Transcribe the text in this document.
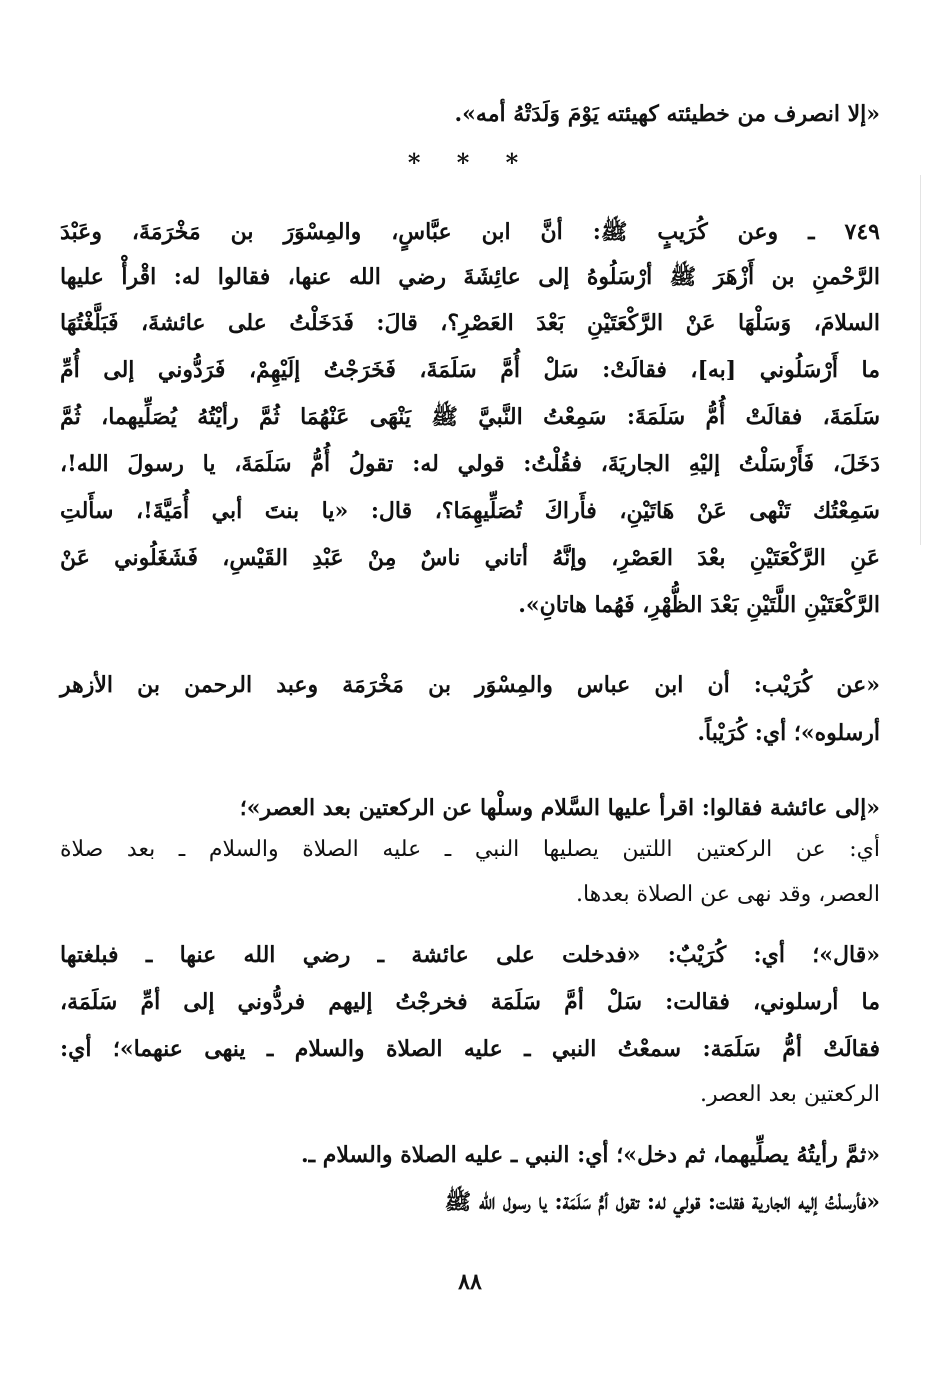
«إلا انصرف من خطيئته كهيئته يَوْمَ وَلَدَتْهُ أمه».
* * *
٧٤٩ ـ وعن كُرَيبٍ ﷺ: أنَّ ابن عبَّاسٍ، والمِسْوَرَ بن مَخْرَمَةَ، وعَبْدَ
الرَّحْمنِ بن أَزْهَرَ ﷺ أرْسَلُوهُ إلى عائِشَةَ رضي الله عنها، فقالوا له: اقْرأْ عليها
السلامَ، وَسَلْهَا عَنْ الرَّكْعَتَيْنِ بَعْدَ العَصْرِ؟، قالَ: فَدَخَلْتُ على عائشةَ، فَبَلَّغْتُهَا
ما أَرْسَلُوني [به]، فقالَتْ: سَلْ أُمَّ سَلَمَةَ، فَخَرَجْتُ إلَيْهِمْ، فَرَدُّوني إلى أُمِّ
سَلَمَةَ، فقالَتْ أُمُّ سَلَمَةَ: سَمِعْتُ النَّبيَّ ﷺ يَنْهَى عَنْهُمَا ثُمَّ رأيْتُهُ يُصَلِّيهما، ثُمَّ
دَخَلَ، فَأَرْسَلْتُ إليْهِ الجاريَةَ، فقُلْتُ: قولي له: تقولُ أُمُّ سَلَمَةَ، يا رسولَ الله!،
سَمِعْتُك تَنْهى عَنْ هَاتَيْنِ، فأَراكَ تُصَلِّيهِمَا؟، قال: «يا بنتَ أبي أُمَيَّةَ!، سأَلتِ
عَنِ الرَّكْعَتَيْنِ بعْدَ العَصْرِ، وإنَّهُ أتاني ناسٌ مِنْ عَبْدِ القَيْسِ، فَشَغَلُوني عَنْ
الرَّكْعَتَيْنِ اللَّتَيْنِ بَعْدَ الظُّهْرِ، فَهُما هاتانِ».
«عن كُرَيْب: أن ابن عباس والمِسْوَر بن مَخْرَمَة وعبد الرحمن بن الأزهر
أرسلوه»؛ أي: كُرَيْباً.
«إلى عائشة فقالوا: اقرأ عليها السَّلام وسلْها عن الركعتين بعد العصر»؛
أي: عن الركعتين اللتين يصليها النبي ـ عليه الصلاة والسلام ـ بعد صلاة
العصر، وقد نهى عن الصلاة بعدها.
«قال»؛ أي: كُرَيْبٌ: «فدخلت على عائشة ـ رضي الله عنها ـ فبلغتها
ما أرسلوني، فقالت: سَلْ أمَّ سَلَمَة فخرجْتُ إليهم فردُّوني إلى أمِّ سَلَمَة،
فقالَتْ أمُّ سَلَمَة: سمعْتُ النبي ـ عليه الصلاة والسلام ـ ينهى عنهما»؛ أي:
الركعتين بعد العصر.
«ثمَّ رأيتُهُ يصلِّيهما، ثم دخل»؛ أي: النبي ـ عليه الصلاة والسلام ـ.
«فأرسلْتُ إليه الجارية فقلت: قولي له: تقول أمُّ سَلَمَة: يا رسول الله ﷺ
٨٨
